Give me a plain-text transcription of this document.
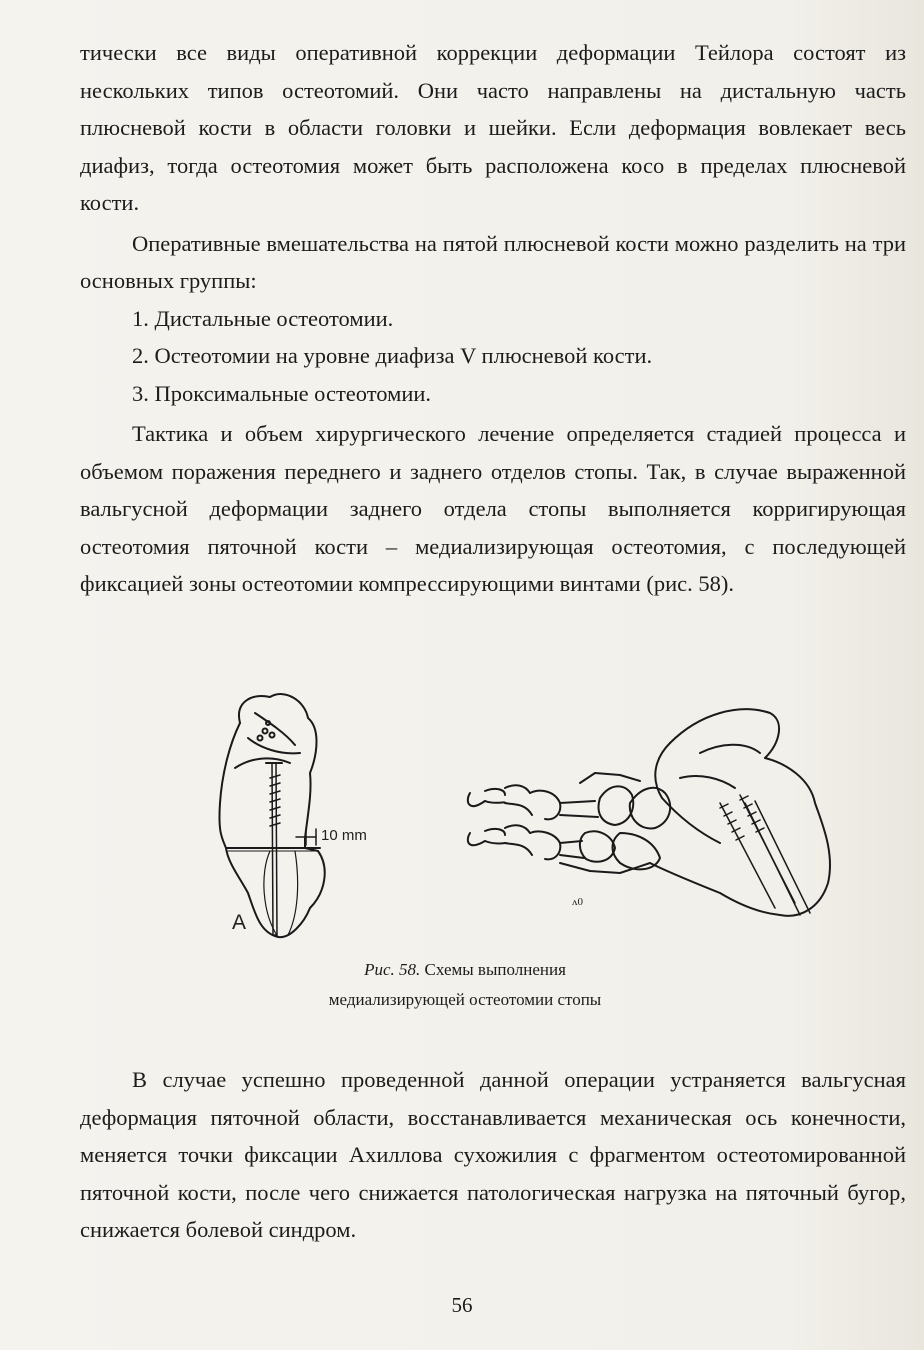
тически все виды оперативной коррекции деформации Тейлора состоят из нескольких типов остеотомий. Они часто направлены на дистальную часть плюсневой кости в области головки и шейки. Если деформация вовлекает весь диафиз, тогда остеотомия может быть расположена косо в пределах плюсневой кости.

Оперативные вмешательства на пятой плюсневой кости можно разделить на три основных группы:

1. Дистальные остеотомии.

2. Остеотомии на уровне диафиза V плюсневой кости.

3. Проксимальные остеотомии.

Тактика и объем хирургического лечение определяется стадией процесса и объемом поражения переднего и заднего отделов стопы. Так, в случае выраженной вальгусной деформации заднего отдела стопы выполняется корригирующая остеотомия пяточной кости – медиализирующая остеотомия, с последующей фиксацией зоны остеотомии компрессирующими винтами (рис. 58).

A
10 mm
ᴧ0
Рис. 58. Схемы выполнения
медиализирующей остеотомии стопы

В случае успешно проведенной данной операции устраняется вальгусная деформация пяточной области, восстанавливается механическая ось конечности, меняется точки фиксации Ахиллова сухожилия с фрагментом остеотомированной пяточной кости, после чего снижается патологическая нагрузка на пяточный бугор, снижается болевой синдром.

56
